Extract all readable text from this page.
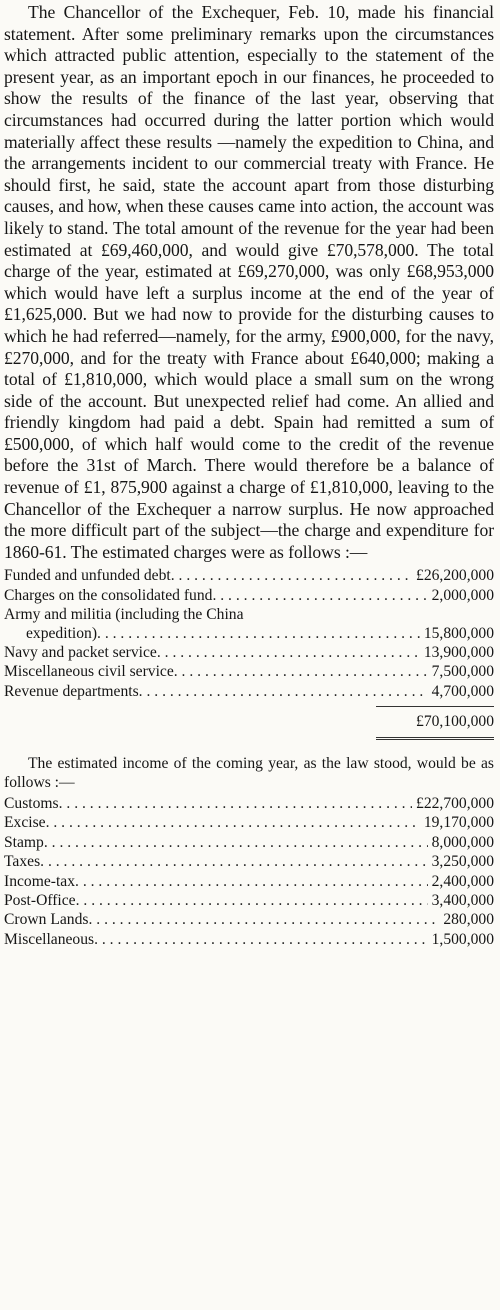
The Chancellor of the Exchequer, Feb. 10, made his financial statement. After some preliminary remarks upon the circumstances which attracted public attention, especially to the statement of the present year, as an important epoch in our finances, he proceeded to show the results of the finance of the last year, observing that circumstances had occurred during the latter portion which would materially affect these results —namely the expedition to China, and the arrangements incident to our commercial treaty with France. He should first, he said, state the account apart from those disturbing causes, and how, when these causes came into action, the account was likely to stand. The total amount of the revenue for the year had been estimated at £69,460,000, and would give £70,578,000. The total charge of the year, estimated at £69,270,000, was only £68,953,000 which would have left a surplus income at the end of the year of £1,625,000. But we had now to provide for the disturbing causes to which he had referred—namely, for the army, £900,000, for the navy, £270,000, and for the treaty with France about £640,000; making a total of £1,810,000, which would place a small sum on the wrong side of the account. But unexpected relief had come. An allied and friendly kingdom had paid a debt. Spain had remitted a sum of £500,000, of which half would come to the credit of the revenue before the 31st of March. There would therefore be a balance of revenue of £1, 875,900 against a charge of £1,810,000, leaving to the Chancellor of the Exchequer a narrow surplus. He now approached the more difficult part of the subject—the charge and expenditure for 1860-61. The estimated charges were as follows :—

Funded and unfunded debt . . .	£26,200,000
Charges on the consolidated fund . . .	2,000,000
Army and militia (including the China
expedition) . . .	15,800,000
Navy and packet service . . .	13,900,000
Miscellaneous civil service . . .	7,500,000
Revenue departments . . .	4,700,000
£70,100,000

The estimated income of the coming year, as the law stood, would be as follows :—

Customs . . .	£22,700,000
Excise . . .	19,170,000
Stamp . . .	8,000,000
Taxes . . .	3,250,000
Income-tax . . .	2,400,000
Post-Office . . .	3,400,000
Crown Lands . . .	280,000
Miscellaneous . . .	1,500,000
